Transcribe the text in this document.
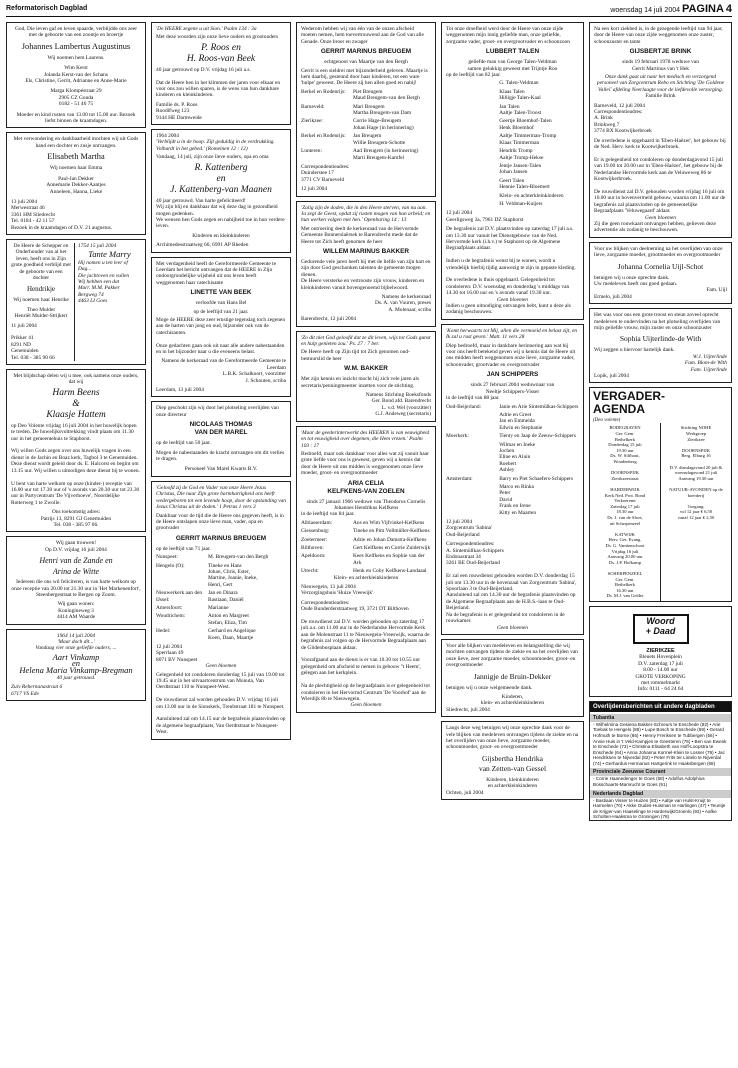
Reformatorisch Dagblad	woensdag 14 juli 2004 PAGINA 4
God, Die leven gaf en leven spaarde, verblijdde ons zeer met de geboorte van een zoontje en broertje
Johannes Lambertus Augustinus
Wij noemen hem Laurens.
Wim Kerst
Jolanda Kerst-van der Schans
Els, Christine, Gerrit, Adrianne en Anne-Marie
Marga Klompéstraat 29
2905 CZ Gouda
0182 - 51 46 75
Moeder en kind rusten van 13.00 tot 15.00 uur. Bezoek liefst binnen de kraamdagen.
Met verwondering en dankbaarheid mochten wij uit Gods hand een dochter en zusje ontvangen.
Elisabeth Martha
Wij noemen haar Emma
Paul-Jan Dekker
Annemarie Dekker-Aantjes
Anneleen, Hanna, Lieke
13 juli 2004
Merwestraat 46
3361 HM Sliedrecht
Tel. 0184 - 42 11 57
Bezoek in de kraamdagen of D.V. 21 augustus.
De Heere de Schepper en Onderhouder van al het leven, heeft ons in Zijn grote goedheid verblijd met de geboorte van een dochter
Hendrikje
Wij noemen haar Henrike
Theo Mulder
Henriët Mulder-Strijkert
11 juli 2004

Prikker 41
8291 ND
Genemuiden
Tel. 038 - 385 90 66
1754 15 juli 2004
Tante Marry
Hij nomen u ten leer of Dag...
Die jachtoven en vullen
Wij hebben een dat
Marr. M.M. Pakker
Bergweg 74
4463 LI Goes
Met blijdschap delen wij u mee, ook namens onze ouders, dat wij
Harm Beens
&
Klaasje Hattem
op Deo Volente vrijdag 16 juli 2004 in het huwelijk hopen te treden. De huwelijksvoltrekking vindt plaats om 11.30 uur in het gemeentehuis te Staphorst.

Wij willen Gods zegen over ons huwelijk vragen in een dienst in de Jachin en Boaz kerk, Tagbol 3 te Genemuiden. Deze dienst wordt geleid door ds. E. Halcorst en begint om 13.15 uur. Wij willen u uitnodigen deze dienst bij te wonen.

U bent van harte welkom op onze (kinder-) receptie van 16.00 uur tot 17.30 uur of 's avonds van 20.30 uur tot 23.30 uur in Partycentrum 'De Vijverhoeve', Noordelijke Rotterweg 1 te Zwolle.
Ons toekomstig adres:
Patrijs 13, 8291 GJ Genemuiden
Tel. 038 - 385 97 06.
Wij gaan trouwen!
Op D.V. vrijdag 16 juli 2004
Henri van de Zande en
Arina de Witte
Iedereen die ons wil feliciteren, is van harte welkom op onze receptie van 20.00 tot 21.30 uur in 'Het Markenenfort', Steenbergestraat te Bergen op Zoom.
Wij gaan wonen:
Koningineweg 3
4414 AM Waarde
1964 14 juli 2004
'Maar doch dit...'
Vandaag vier onze geliefde ouders, ...
Aart Vinkamp
en
Helena Maria Vinkamp-Bregman
40 jaar getrouwd.
Zuiv Rehernanastraat 6
6717 VS Ede
'De HEERE zegene u uit Sion.' Psalm 134 : 3a
Met deze woorden zijn onze lieve ouders en grootouders
P. Roos en
H. Roos-van Beek
40 jaar getrouwd op D.V. vrijdag 16 juli a.s.

Dat de Heere hen in het klimmen der jaren voor elkaar en voor ons zou willen sparen, is de wens van hun dankbare kinderen en kleinkinderen.
Familie ds. P. Roos
Roodlfweg 123
9144 HE Darmweide
1964 2004
'Verblijdt u in de hoop. Zijt geduldig in de verdrukking. Volhardt in het gebed.' (Romeinen 12 : 12)
Vandaag, 14 juli, zijn onze lieve ouders, opa en oma
R. Kattenberg
en
J. Kattenberg-van Maanen
40 jaar getrouwd. Van harte gefeliciteerd!
Wij zijn blij en dankbaar dat wij deze dag in gezondheid mogen gedenken.
We wensen hen Gods zegen en nabijheid toe in hun verdere leven.
Kinderen en kleinkinderen
Archimedesstraatweg 66, 6991 AP Rheden
Met verdagenheid heeft de Gereformeerde Gemeente te Leerdam het bericht ontvangen dat de HEERE in Zijn ondoorgrondelijke wijsheid uit ons leven heeft weggenomen haar catechisante
LINETTE VAN BEEK
verloofde van Hans Bel
op de leeftijd van 21 jaar.
Moge de HEERE deze zeer ernstige tegenslag toch zegenen aan de harten van jong en oud, bijzonder ook van de catechisanten.

Onze gedachten gaan ook uit naar alle andere nabestaanden en in het bijzonder naar u die eveneens belast.
Namens de kerkeraad van de Gereformeerde Gemeente te Leerdam
L.B.K. Schalkoort, voorzitter
J. Schouten, scriba
Leerdam, 13 juli 2004
Diep geschokt zijn wij door het plotseling overlijden van onze directeur
NICOLAAS THOMAS
VAN DER MAREL
op de leeftijd van 50 jaar.
Mogen de nabestaanden de kracht ontvangen om dit verlies te dragen.
Personeel Van Marel Kwarts B.V.
'Geloofd zij de God en Vader van onze Heere Jezus Christus, Die naar Zijn grote barmhartigheid ons heeft wedergeboren tot een levende hoop, door de opstanding van Jezus Christus uit de doden.' 1 Petrus 1 vers 3
Dankbaar voor de tijd die de Heere ons gegeven heeft, is in de Heere ontslapen onze lieve man, vader, opa en grootvader
GERRIT MARINUS BREUGEM
op de leeftijd van 71 jaar.
Nunspeet:	M. Breugem-van den Bergh
Hengelo (O):	Tineke en Hans
Johan, Chris, Ester,
Martine, Joanie, Ineke,
Henri, Gert
Nieuwerkerk aan den IJssel:
Jan en Dinara
Bastiaan, Daniël
Amersfoort:	Marianne
Woudrichem:	Anton en Margreet
Stefan, Eliza, Tim
Hedel:	Gerhard en Angelique
Koen, Daan, Maartje
12 juli 2004
Sperrlaan 49
8071 BV Nunspeet
Geen bloemen
Gelegenheid tot condoleren donderdag 15 juli van 19.00 tot 19.45 uur in het uitvaartcentrum van Monuta, Van Oerdtstraat 110 te Nunspeet-West.

De rouwdienst zal worden gehouden D.V. vrijdag 16 juli om 13.00 uur in de Sionskerk, Treubstraat 181 te Nunspeet.

Aansluitend zal om 14.15 uur de begrafenis plaatsvinden op de algemene begraafplaats, Van Oerdtstraat te Nunspeet-West.
Wederom hebben wij van één van de onzen afscheid moeten nemen, hem toevertrouwend aan de God van alle Genade. Onze broer en zwager
GERRIT MARINUS BREUGEM
echtgenoot van Maartje van den Bergh
Gerrit is een sieldrei met bijzonderheid geleven. Maartje is hem daarbij, gesteund door haar kinderen, tot een ware 'hulpe' geweest. De Heere zij hen allen goed en nabij!
Berkel en Rodenrijs:	Piet Breugem
Maud Breugem-van den Bergh
Barneveld:	Mari Breugem
Martha Breugem-van Dam
Zierikzee:	Corrie Hage-Breugem
Johan Hage (in herinnering)
Berkel en Rodenrijs:	Jan Breugem
Willie Breugem-Schotte
Lunteren:	Aad Breugem (in herinnering)
Marti Breugem-Kamfel
Correspondentieadres:
Duinderstee 17
3771 CV Barneveld
12 juli 2004
'Zalig zijn de doden, die in den Heere sterven, van nu aan. Ja zegt de Geest, opdat zij rusten mogen van hun arbeid; en hun werken volgen met hen.' Openbaring 14 : 13
Met ontroering deelt de kerkenraad van de Hervormde Gemeente Bonnerslaërsek te Barendrecht mede dat de Heere tot Zich heeft genomen de heer
WILLEM MARINUS BAKKER
Gedurende vele jaren heeft hij met de liefde van zijn hart en zijn door God geschonken talenten de gemeente mogen dienen.
De Heere versterke en vertrooste zijn vrouw, kinderen en kleinkinderen vanuit bovengenoemd bijbelwoord.
Namens de kerkenraad
Ds. A. van Vuuren, preses
A. Molenaar, scriba
Barendrecht, 12 juli 2004
'Zo dit niet God geloofd dat ze dit leven, wijs tot Gods gunst en hulp genieten zou.' Ps. 27 : 7 ber.
De Heere heeft op Zijn tijd tot Zich genomen oud-bestuurslid de heer
W.M. BAKKER
Met zijn kennis en inzicht mocht hij zich vele jaren als secretaris/penningmeester inzetten voor de stichting.
Namens Stichting Boeksfonds
Ger. Bond afd. Barendrecht
L. v.d. Wel (voorzitter)
G.J. Andeweg (secretaris)
'Maar de geederinterwerkt des HEEREN is van eeuwigheid en tot eeuwigheid over degenen, die Hem vrezen.' Psalm 103 : 17
Bedroefd, maar ook dankbaar voor alles wat zij vanuit haar grote liefde voor ons is geweest, geven wij u kennis dat door de Heere uit ons midden is weggenomen onze lieve moeder, groot- en overgrootmoeder
ARIA CELIA
KELFKENS-VAN ZOELEN
sinds 27 januari 1966 weduwe van Theodorus Cornelis Johannes Hendrikus Kelfkens
in de leeftijd van 84 jaar.
Alblasserdam:	Ans en Wim Vijfvinkel-Kelfkens
Giessenburg:	Tineke en Pim Vollmüller-Kelfkens
Zoetermeer:	Adrie en Johan Damstra-Kelfkens
Bilthoven:	Gert Kelfkens en Corrie Zuiderwijk
Apeldoorn:	Kees Kelfkens en Sophie van der Ark
Utrecht:	Henk en Coby Kelfkens-Landaaal
Klein- en achterkleinkinderen
Nieuwegein, 13 juli 2004
Verzorgingshuis 'Huize Vreewijk'
Correspondentieadres:
Oude Bunderderstraatweg 19, 3721 DT Bilthoven

De rouwdienst zal D.V. worden gehouden op zaterdag 17 juli a.s. om 11.00 uur in de Nederlandse Hervormde Kerk aan de Molenstraat 11 te Nieuwegein-Vreeswijk, waarna de begrafenis zal volgen op de Hervormde Begraafplaats aan de Glidenbosplaan aldaar.

Voorafgaand aan de dienst is er van 10.30 tot 10.55 uur gelegenheid om afscheid te nemen in gebouw ''t Heem', gelegen aan het kerkplein.

Na de plechtigheid op de begraafplaats is er gelegenheid tot condoleren in het Hervormd Centrum 'De Voorhof' aan de Wierdijk 8b te Nieuwegein.
Geen bloemen
Tot onze droefheid werd door de Heere van onze zijde weggenomen mijn innig geliefde man, onze geliefde, zorgzame vader, groot- en overgrootvader en schoonzoon
LUBBERT TALEN
geliefde man van George Talen-Veldman
samen gelukkig geweest met Trijntje Roo
op de leeftijd van 82 jaar.
G. Talen-Veldman
Klaas Talen
Hilligje Talen-Kaal
Jan Talen
Aaltje Talen-Troost
Geertje Bloemhof-Talen
Henk Bloemhof
Aaltje Timmerman-Tromp
Klaas Timmerman
Hendrik Tromp
Aaltje Tromp-Hekse
Jentje Jansen-Talen
Johan Jansen
Geert Talen
Hennie Talen-Bloemert
Klein- en achterkleinkinderen
H. Veldman-Kuijers
12 juli 2004
Geerligsweg 3a, 7961 DZ Staphorst
De begrafenis zal D.V. plaatsvinden op zaterdag 17 juli a.s. om 13.30 uur vanuit het Dienstgebouw van de Ned. Hervormde kerk (i.h.v.) te Staphorst op de Algemene Begraafplaats aldaar.

Indien u de begrafenis wenst bij te wonen, wordt u vriendelijk hierbij tijdig aanwezig te zijn in gepaste kleding.

De overledene is thuis opgebaard. Gelegenheid tot condoleren: D.V. woensdag en donderdag 's middags van 14.30 tot 16.00 uur en 's avonds vanaf 19.30 uur.
Geen bloemen
Indien u geen uitnodiging ontvangen hebt, kunt u deze als zodanig beschouwen.
'Komt herwaarts tot Mij, allen die vermoeid en belast zijt, en Ik zal u rust geven.' Matt. 11 vers 28
Diep bedroefd, maar in dankbare herinnering aan wat hij voor ons heeft betekend geven wij u kennis dat de Heere uit ons midden heeft weggenomen onze lieve, zorgzame vader, schoonvader, grootvader en overgrootvader
JAN SCHIPPERS
sinds 27 februari 2004 weduwnaar van
Neeltje Schippers-Visser
in de leeftijd van 88 jaar.
Oud-Beijerland:	Janie en Arie Sintemülkas-Schippers
Adrie en Greet
Jan en Emmelda
Edwin en Stephanie
Moerkerk:	Tienty en Jaap de Zeeuw-Schippers
Wilmar en Ineke
Jochen
Eline en Aluin
Roebert
Ashley
Amsterdam:	Barry en Piet Schaefers-Schippers
Marco en Rinka
Peter
David
Frank en Irene
Kitty en Maarten
12 juli 2004
Zorgcentrum 'Sabina'
Oud-Beijerland
Correspondentieadres:
A. Sintemüllkas-Schippers
Endonastraat 34
3261 BE Oud-Beijerland

Er zal een rouwdienst gehouden worden D.V. donderdag 15 juli om 13.30 uur in de bovenzaal van Zorgcentrum 'Sabina', Spoorlaan 3 te Oud-Beijerland.
Aansluitend zal om 14.30 uur de begrafenis plaatsvinden op de Algemene Begraafplaats aan de H.B.S.-laan te Oud-Beijerland.
Na de begrafenis is er gelegenheid tot condoleren in de rouwkamer.
Geen bloemen
Voor alle blijken van medeleven en belangstelling die wij mochten ontvangen tijdens de ziekte en na het overlijden van onze lieve, zeer zorgzame moeder, schoonmoeder, groot- en overgrootmoeder
Jannigje de Bruin-Dekker
betuigen wij u onze welgemeende dank.
Kinderen,
klein- en achterkleinkinderen
Sliedrecht, juli 2004
Langs deze weg betuigen wij onze oprechte dank voor de vele blijken van medeleven ontvangen tijdens de ziekte en na het overlijden van onze lieve, zorgzame moeder, schoonmoeder, groot- en overgrootmoeder
Gijsbertha Hendrika
van Zetten-van Gessel
Kinderen, kleinkinderen
en achterkleinkinderen
Ochten, juli 2004
Na een kort ziekbed is, in de gezegende leeftijd van 94 jaar, door de Heere van onze zijde weggenomen onze zuster, schoonzuster en tante
GIJSBERTJE BRINK
sinds 19 februari 1978 weduwe van
Gerrit Martinus van 't Hek
Onze dank gaat uit naar het medisch en verzorgend personeel van Zorgcentrum Rebo en Stichting 'De Goldene Valleï' afdeling Neerlaagte voor de liefdevolle verzorging.
Familie Brink
Barneveld, 12 juli 2004
Correspondentieadres:
A. Brink
Brinkweg 7
3774 BX Kootwijkerbroek
De overledene is opgebaard in 'Eben-Haëzer', het gebouw bij de Ned. Herv. kerk te Kootwijkerbroek.

Er is gelegenheid tot condoleren op donderdagavond 15 juli van 19.00 tot 20.00 uur in 'Eben-Haëzer', het gebouw bij de Nederlandse Hervormde kerk aan de Veluweweg 86 te Kootwijkerbroek.

De rouwdienst zal D.V. gehouden worden vrijdag 16 juli om 10.00 uur in bovenvermeld gebouw, waarna om 11.00 uur de begrafenis zal plaatsvinden op de gemeentelijke Begraafplaats 'Veluwegaard' aldaar.
Geen bloemen
Zij die geen rouwkaart ontvangen hebben, gelieven deze advertentie als zodanig te beschouwen.
Voor uw blijken van deelneming na het overlijden van onze lieve, zorgzame moeder, grootmoeder en overgrootmoeder
Johanna Cornelia Uijl-Schot
betuigen wij u onze oprechte dank.
Uw medeleven heeft ons goed gedaan.
Fam. Uijl
Ermelo, juli 2004
Het was voor ons een grote troost en steun zoveel oprecht medeleven te ondervinden na het plotseling overlijden van mijn geliefde vrouw, mijn zuster en onze schoonzuster
Sophia Uijterlinde-de With
Wij zeggen u hiervoor hartelijk dank.
W.J. Uijterlinde
Fam. Blom-de With
Fam. Uijterlinde
Lopik, juli 2004
VERGADER-
AGENDA
(Deo volente)
BODEGRAVEN
Ger. Gem.
Bethelkerk
Donderdag 15 juli
19.30 uur
Ds. W. Silfhout,
Woudenberg

DOORNSPIJK
Zierikzeestraat

HARDERWIJK
Kerk Ned. Prot. Bond
Verkoeremt
Zaterdag 17 juli
18.30 uur
Ds. J. van de Sloot,
uit Scherpenzeel

KATWIJK
Herv. Ger. Evang.
Ds. G. Vantienschoot
Vrijdag 16 juli
Aanvang 20.00 uur
Ds. J.P. Hofkamp

SCHERPENZEEL
Ger. Gem.
Bethelkerk
16.30 uur
Ds. M.J. van Gelder
Stichting NOHE
Werkgroep
Zierikzee

DOORNSPIJK
Berg. Elburg 16

D.V. dinsdagavond 20 juli & woensdagavond 21 juli
Aanvang 19.30 uur

NATUUR-AVONDEN op de boerderij

Toegang:
vol 12 jaar € 6,50
vanaf 12 jaar € 2,50
Woord
+ Daad
ZIERIKZEE
Bleuets Hovenplein
D.V. zaterdag 17 juli
8.00 - 14.00 uur
GROTE VERKOPING
met rommelmarkt
Info: 0111 - 64 24 64
Overlijdensberichten uit andere dagbladen
Tubantia
- Wilhelmina Gesiena Bakker-Schreurs te Enschede (92) • Arie Toebak te Hengelo (88) • Lupe Bosch te Enschede (69) • Gerard Hofmuth te Borne (86) • Henny Freriksen te Tubbergen (56) • Annie Huis in 't Veld-Kampjes te Geesteren (75) • Ben van Ewenk te Enschede (73) • Christina Elisabeth van Hoff-Loopstra te Enschede (64) • Anna Johanna Kormel-Klein te Losser (79) • Jac Hendriksen te Nijverdal (82) • Peter Frits ter Lintelo te Nijverdal (74) • Gerhardus Hermanus Hartgerink te Haaksbergen (68)
Provinciale Zeeuwse Courant
- Corrie Haanedenger te Goes (68) • Adolfus Adolphius Bosschaarts-Mamrucht te Goes (91)
Nederlands Dagblad
- Bastiaan Visser te Huizen (83) • Aaltje van Hulst-Kruijt te Harmelen (70) • Akke Oudes-Huisman te Harlingen (47) • Teuntje de Krijger-van Haaselinge te Harderwijk/Groenlo (93) • Aafke Scholten-Haaksma te Groningen (78)
